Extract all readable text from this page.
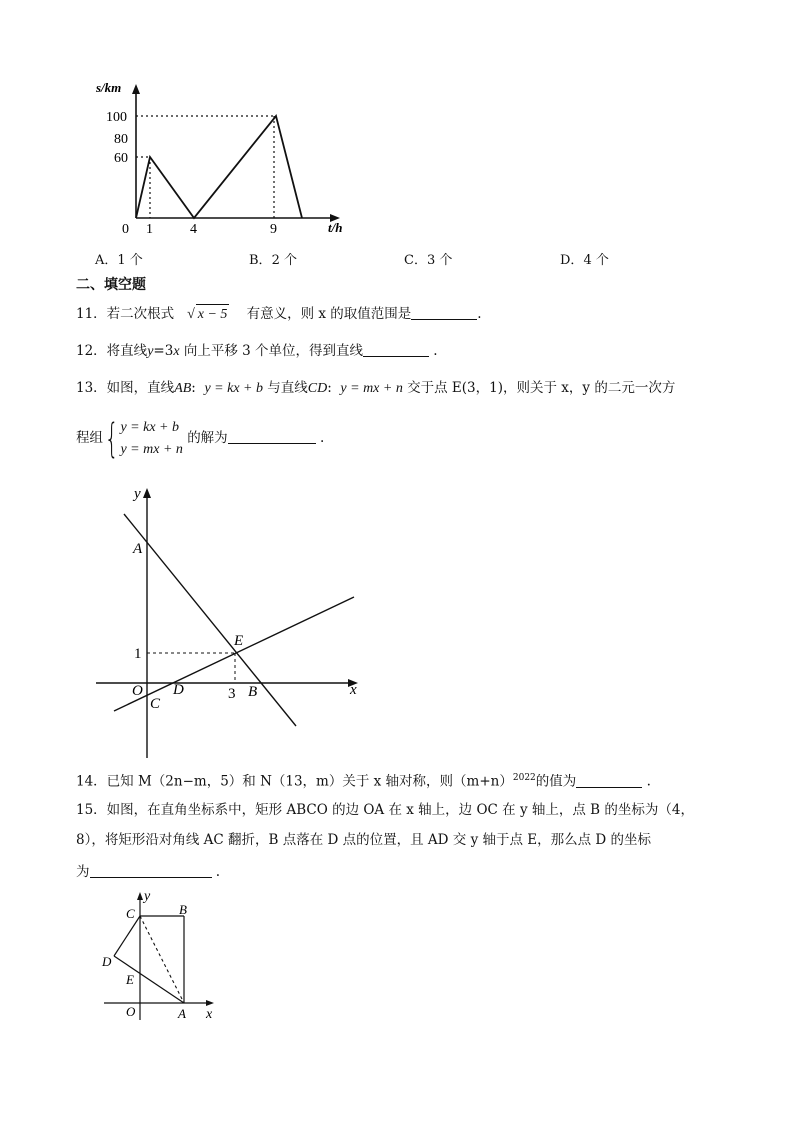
s/km
t/h
100
80
60
0 1	4	9
A．1 个	B．2 个	C．3 个	D．4 个
二、填空题
11．若二次根式 √ x − 5 有意义，则 x 的取值范围是	.
12．将直线y=3x 向上平移 3 个单位，得到直线	.
13．如图，直线AB: y = kx + b 与直线CD: y = mx + n 交于点 E(3，1)，则关于 x，y 的二元一次方
程组{ y = kx + b
y = mx + n
的解为	.
y
x
A
E
1
O D
C
3 B
14．已知 M（2n−m，5）和 N（13，m）关于 x 轴对称，则$(m+n)^{2022}$的值为	.
15．如图，在直角坐标系中，矩形 ABCO 的边 OA 在 x 轴上，边 OC 在 y 轴上，点 B 的坐标为（4，
8），将矩形沿对角线 AC 翻折，B 点落在 D 点的位置，且 AD 交 y 轴于点 E，那么点 D 的坐标
为	.
y
x
C	B
D
E
O	A
